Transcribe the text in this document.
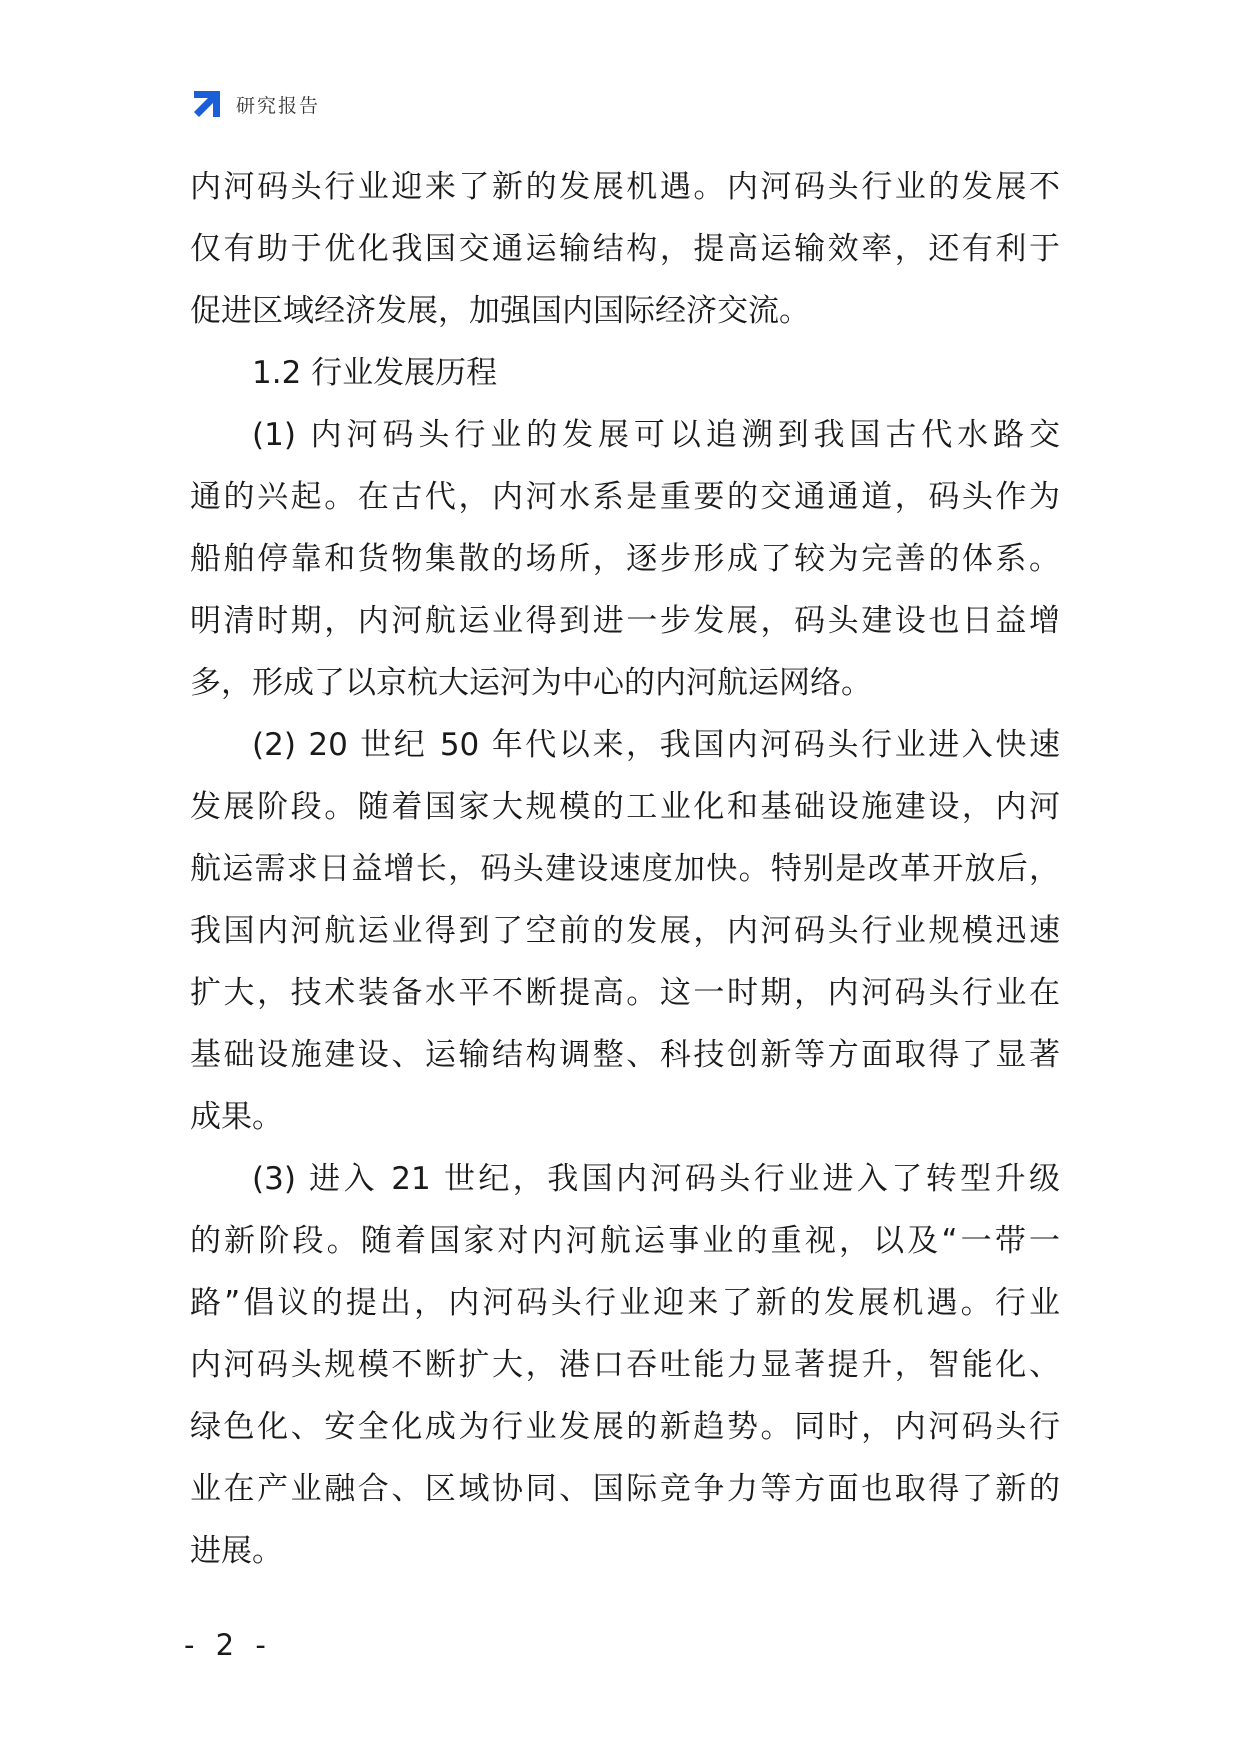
研究报告
内河码头行业迎来了新的发展机遇。内河码头行业的发展不
仅有助于优化我国交通运输结构，提高运输效率，还有利于
促进区域经济发展，加强国内国际经济交流。
1.2 行业发展历程
(1) 内河码头行业的发展可以追溯到我国古代水路交
通的兴起。在古代，内河水系是重要的交通通道，码头作为
船舶停靠和货物集散的场所，逐步形成了较为完善的体系。
明清时期，内河航运业得到进一步发展，码头建设也日益增
多，形成了以京杭大运河为中心的内河航运网络。
(2) 20 世纪 50 年代以来，我国内河码头行业进入快速
发展阶段。随着国家大规模的工业化和基础设施建设，内河
航运需求日益增长，码头建设速度加快。特别是改革开放后，
我国内河航运业得到了空前的发展，内河码头行业规模迅速
扩大，技术装备水平不断提高。这一时期，内河码头行业在
基础设施建设、运输结构调整、科技创新等方面取得了显著
成果。
(3) 进入 21 世纪，我国内河码头行业进入了转型升级
的新阶段。随着国家对内河航运事业的重视，以及“一带一
路”倡议的提出，内河码头行业迎来了新的发展机遇。行业
内河码头规模不断扩大，港口吞吐能力显著提升，智能化、
绿色化、安全化成为行业发展的新趋势。同时，内河码头行
业在产业融合、区域协同、国际竞争力等方面也取得了新的
进展。
- 2 -
